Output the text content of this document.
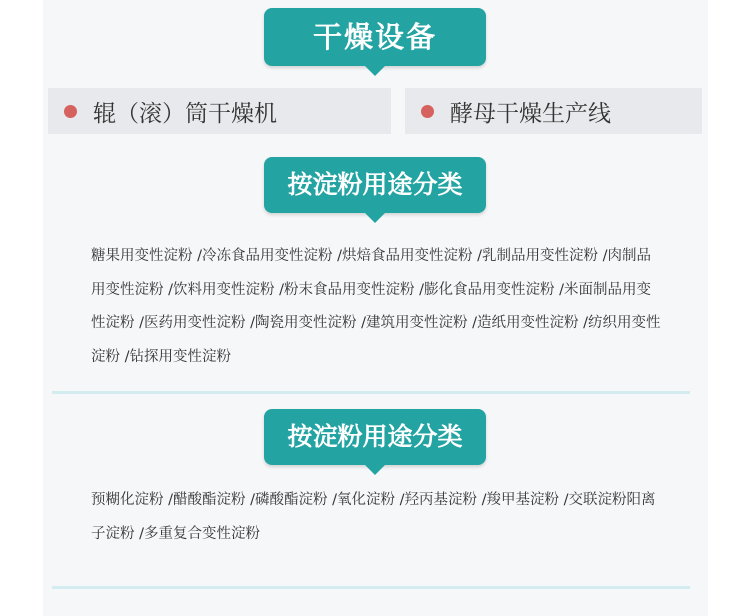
干燥设备
辊（滚）筒干燥机	酵母干燥生产线
按淀粉用途分类
糖果用变性淀粉 /冷冻食品用变性淀粉 /烘焙食品用变性淀粉 /乳制品用变性淀粉 /肉制品用变性淀粉 /饮料用变性淀粉 /粉末食品用变性淀粉 /膨化食品用变性淀粉 /米面制品用变性淀粉 /医药用变性淀粉 /陶瓷用变性淀粉 /建筑用变性淀粉 /造纸用变性淀粉 /纺织用变性淀粉 /钻探用变性淀粉
按淀粉用途分类
预糊化淀粉 /醋酸酯淀粉 /磷酸酯淀粉 /氧化淀粉 /羟丙基淀粉 /羧甲基淀粉 /交联淀粉阳离子淀粉 /多重复合变性淀粉
